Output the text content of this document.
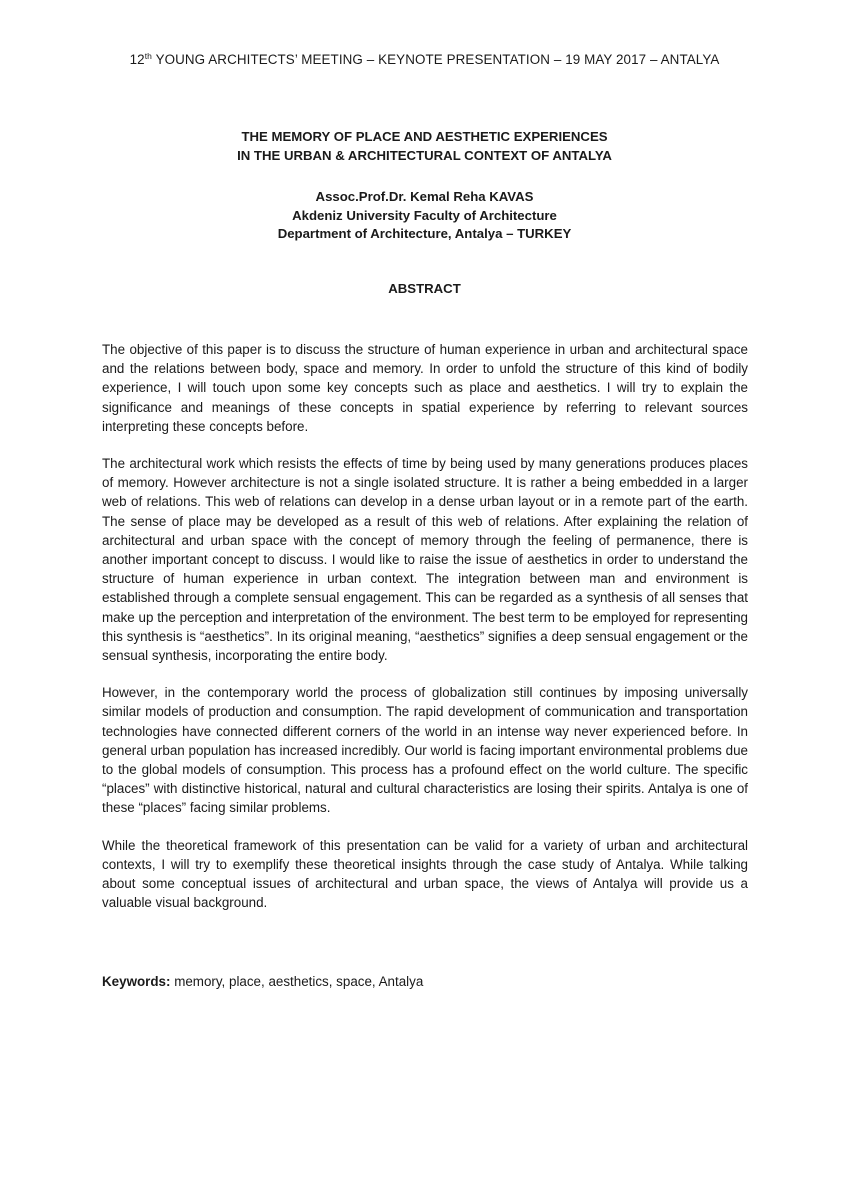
12th YOUNG ARCHITECTS’ MEETING – KEYNOTE PRESENTATION – 19 MAY 2017 – ANTALYA
THE MEMORY OF PLACE AND AESTHETIC EXPERIENCES
IN THE URBAN & ARCHITECTURAL CONTEXT OF ANTALYA
Assoc.Prof.Dr. Kemal Reha KAVAS
Akdeniz University Faculty of Architecture
Department of Architecture, Antalya – TURKEY
ABSTRACT

The objective of this paper is to discuss the structure of human experience in urban and architectural space and the relations between body, space and memory. In order to unfold the structure of this kind of bodily experience, I will touch upon some key concepts such as place and aesthetics. I will try to explain the significance and meanings of these concepts in spatial experience by referring to relevant sources interpreting these concepts before.

The architectural work which resists the effects of time by being used by many generations produces places of memory. However architecture is not a single isolated structure. It is rather a being embedded in a larger web of relations. This web of relations can develop in a dense urban layout or in a remote part of the earth. The sense of place may be developed as a result of this web of relations. After explaining the relation of architectural and urban space with the concept of memory through the feeling of permanence, there is another important concept to discuss. I would like to raise the issue of aesthetics in order to understand the structure of human experience in urban context. The integration between man and environment is established through a complete sensual engagement. This can be regarded as a synthesis of all senses that make up the perception and interpretation of the environment. The best term to be employed for representing this synthesis is “aesthetics”. In its original meaning, “aesthetics” signifies a deep sensual engagement or the sensual synthesis, incorporating the entire body.

However, in the contemporary world the process of globalization still continues by imposing universally similar models of production and consumption. The rapid development of communication and transportation technologies have connected different corners of the world in an intense way never experienced before. In general urban population has increased incredibly. Our world is facing important environmental problems due to the global models of consumption. This process has a profound effect on the world culture. The specific “places” with distinctive historical, natural and cultural characteristics are losing their spirits. Antalya is one of these “places” facing similar problems.

While the theoretical framework of this presentation can be valid for a variety of urban and architectural contexts, I will try to exemplify these theoretical insights through the case study of Antalya. While talking about some conceptual issues of architectural and urban space, the views of Antalya will provide us a valuable visual background.

Keywords: memory, place, aesthetics, space, Antalya
